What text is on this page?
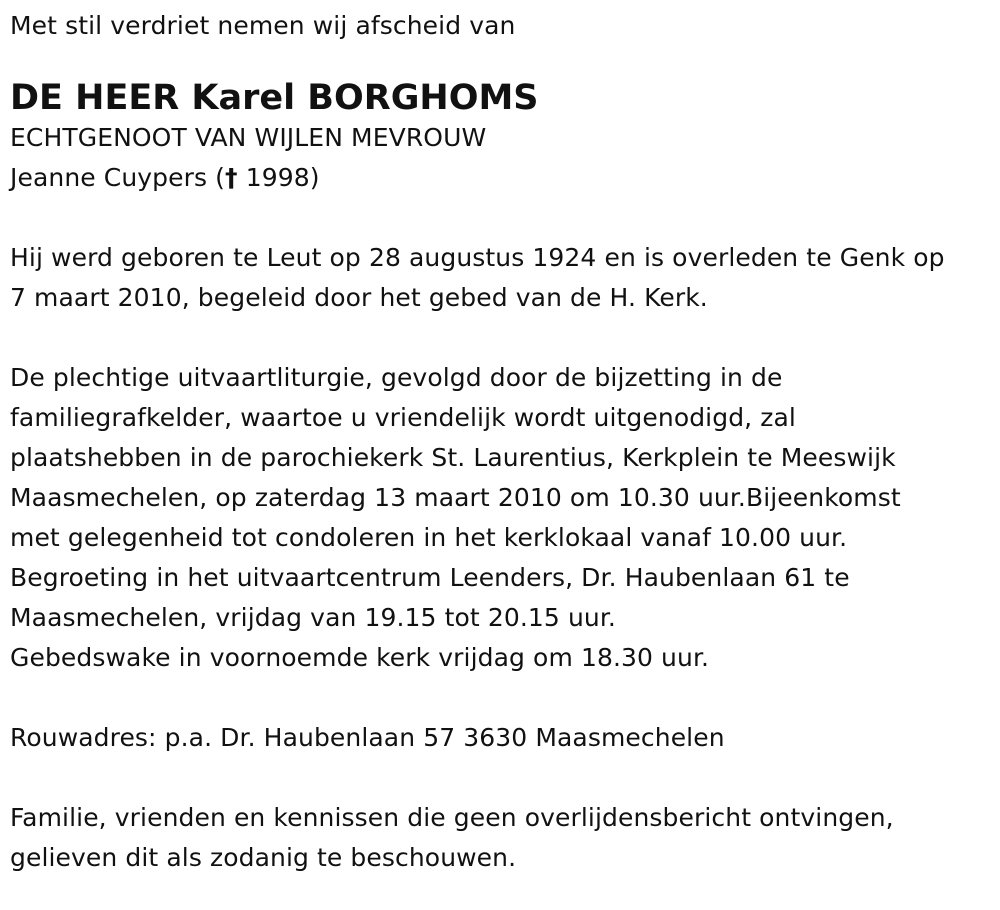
Met stil verdriet nemen wij afscheid van
DE HEER Karel BORGHOMS
ECHTGENOOT VAN WIJLEN MEVROUW
Jeanne Cuypers († 1998)
Hij werd geboren te Leut op 28 augustus 1924 en is overleden te Genk op
7 maart 2010, begeleid door het gebed van de H. Kerk.
De plechtige uitvaartliturgie, gevolgd door de bijzetting in de
familiegrafkelder, waartoe u vriendelijk wordt uitgenodigd, zal
plaatshebben in de parochiekerk St. Laurentius, Kerkplein te Meeswijk
Maasmechelen, op zaterdag 13 maart 2010 om 10.30 uur.Bijeenkomst
met gelegenheid tot condoleren in het kerklokaal vanaf 10.00 uur.
Begroeting in het uitvaartcentrum Leenders, Dr. Haubenlaan 61 te
Maasmechelen, vrijdag van 19.15 tot 20.15 uur.
Gebedswake in voornoemde kerk vrijdag om 18.30 uur.
Rouwadres: p.a. Dr. Haubenlaan 57 3630 Maasmechelen
Familie, vrienden en kennissen die geen overlijdensbericht ontvingen,
gelieven dit als zodanig te beschouwen.
